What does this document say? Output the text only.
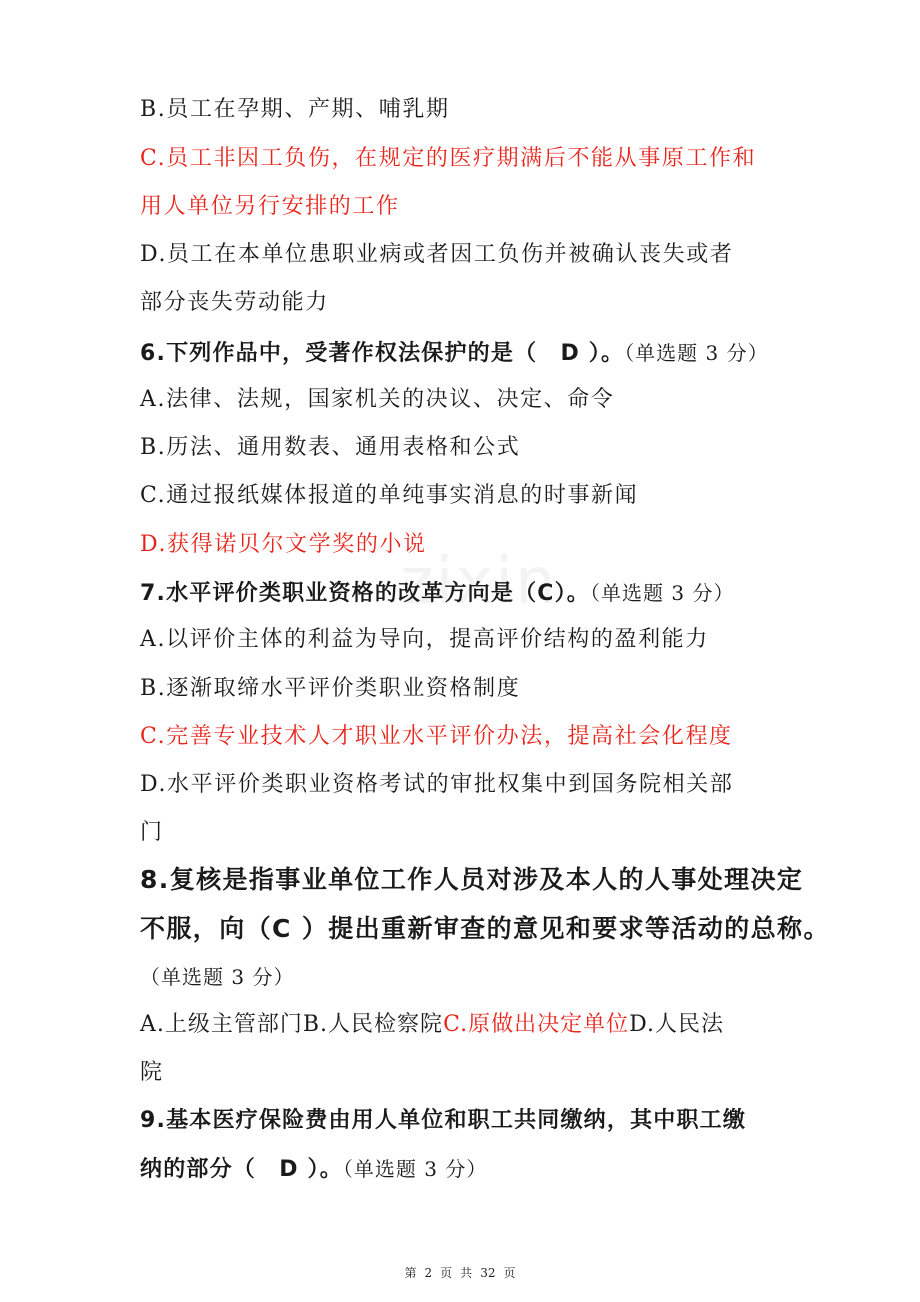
B.员工在孕期、产期、哺乳期
C.员工非因工负伤，在规定的医疗期满后不能从事原工作和
用人单位另行安排的工作
D.员工在本单位患职业病或者因工负伤并被确认丧失或者
部分丧失劳动能力
6.下列作品中，受著作权法保护的是（　D ）。（单选题 3 分）
A.法律、法规，国家机关的决议、决定、命令
B.历法、通用数表、通用表格和公式
C.通过报纸媒体报道的单纯事实消息的时事新闻
D.获得诺贝尔文学奖的小说
7.水平评价类职业资格的改革方向是（C）。（单选题 3 分）
A.以评价主体的利益为导向，提高评价结构的盈利能力
B.逐渐取缔水平评价类职业资格制度
C.完善专业技术人才职业水平评价办法，提高社会化程度
D.水平评价类职业资格考试的审批权集中到国务院相关部
门
8.复核是指事业单位工作人员对涉及本人的人事处理决定
不服，向（C ）提出重新审查的意见和要求等活动的总称。
（单选题 3 分）
A.上级主管部门B.人民检察院C.原做出决定单位D.人民法
院
9.基本医疗保险费由用人单位和职工共同缴纳，其中职工缴
纳的部分（　D ）。（单选题 3 分）
第 2 页 共 32 页
